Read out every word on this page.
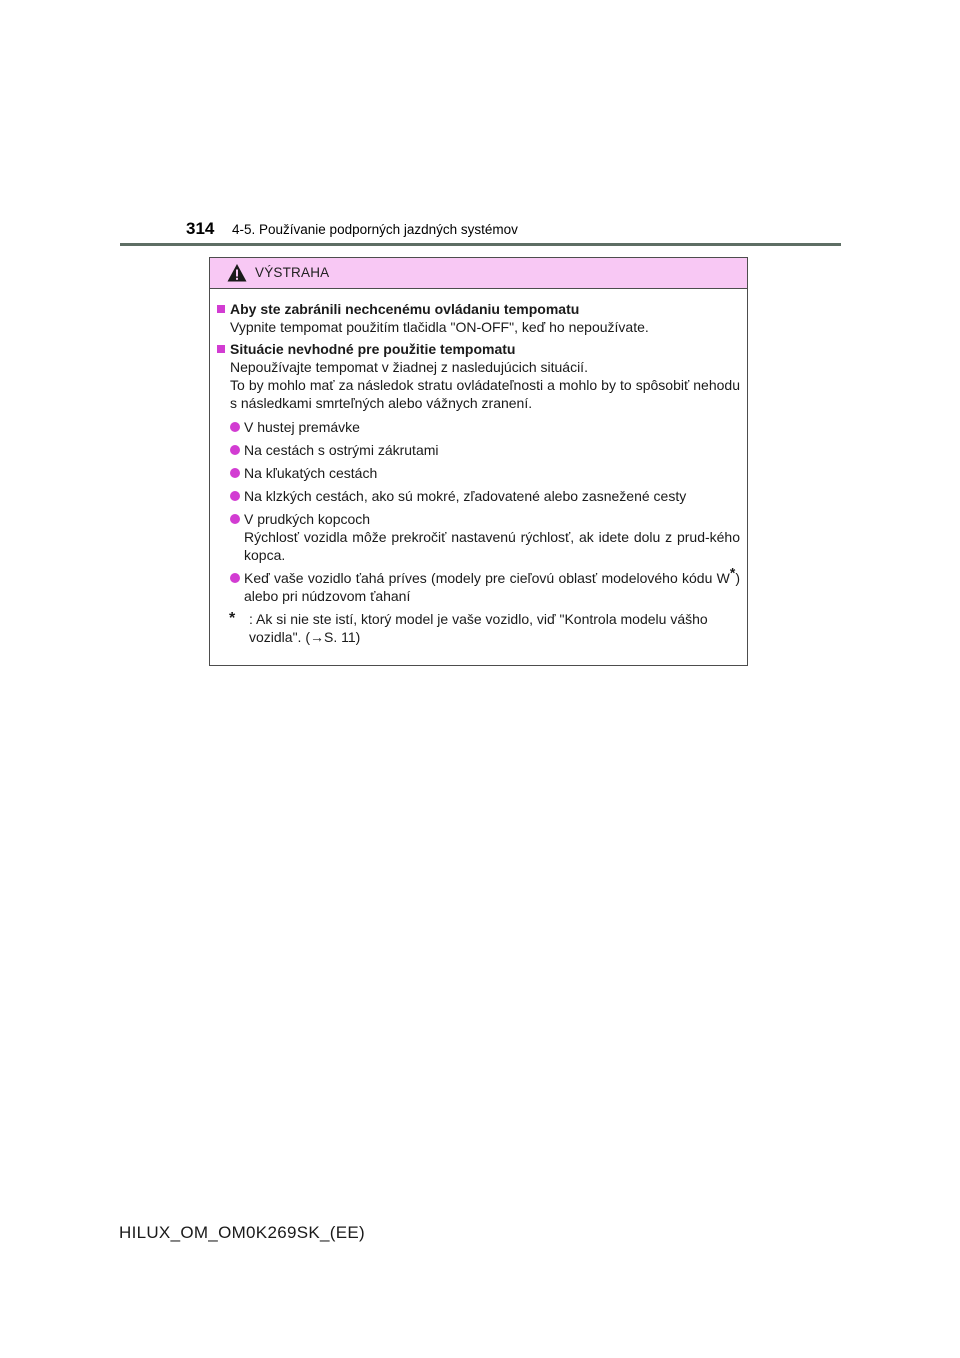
314 4-5. Používanie podporných jazdných systémov
VÝSTRAHA
Aby ste zabránili nechcenému ovládaniu tempomatu
Vypnite tempomat použitím tlačidla "ON-OFF", keď ho nepoužívate.
Situácie nevhodné pre použitie tempomatu
Nepoužívajte tempomat v žiadnej z nasledujúcich situácií.
To by mohlo mať za následok stratu ovládateľnosti a mohlo by to spôsobiť nehodu s následkami smrteľných alebo vážnych zranení.
V hustej premávke
Na cestách s ostrými zákrutami
Na kľukatých cestách
Na klzkých cestách, ako sú mokré, zľadovatené alebo zasnežené cesty
V prudkých kopcoch

Rýchlosť vozidla môže prekročiť nastavenú rýchlosť, ak idete dolu z prud-kého kopca.
Keď vaše vozidlo ťahá príves (modely pre cieľovú oblasť modelového kódu W*) alebo pri núdzovom ťahaní
* : Ak si nie ste istí, ktorý model je vaše vozidlo, viď "Kontrola modelu vášho vozidla". (→S. 11)
HILUX_OM_OM0K269SK_(EE)
